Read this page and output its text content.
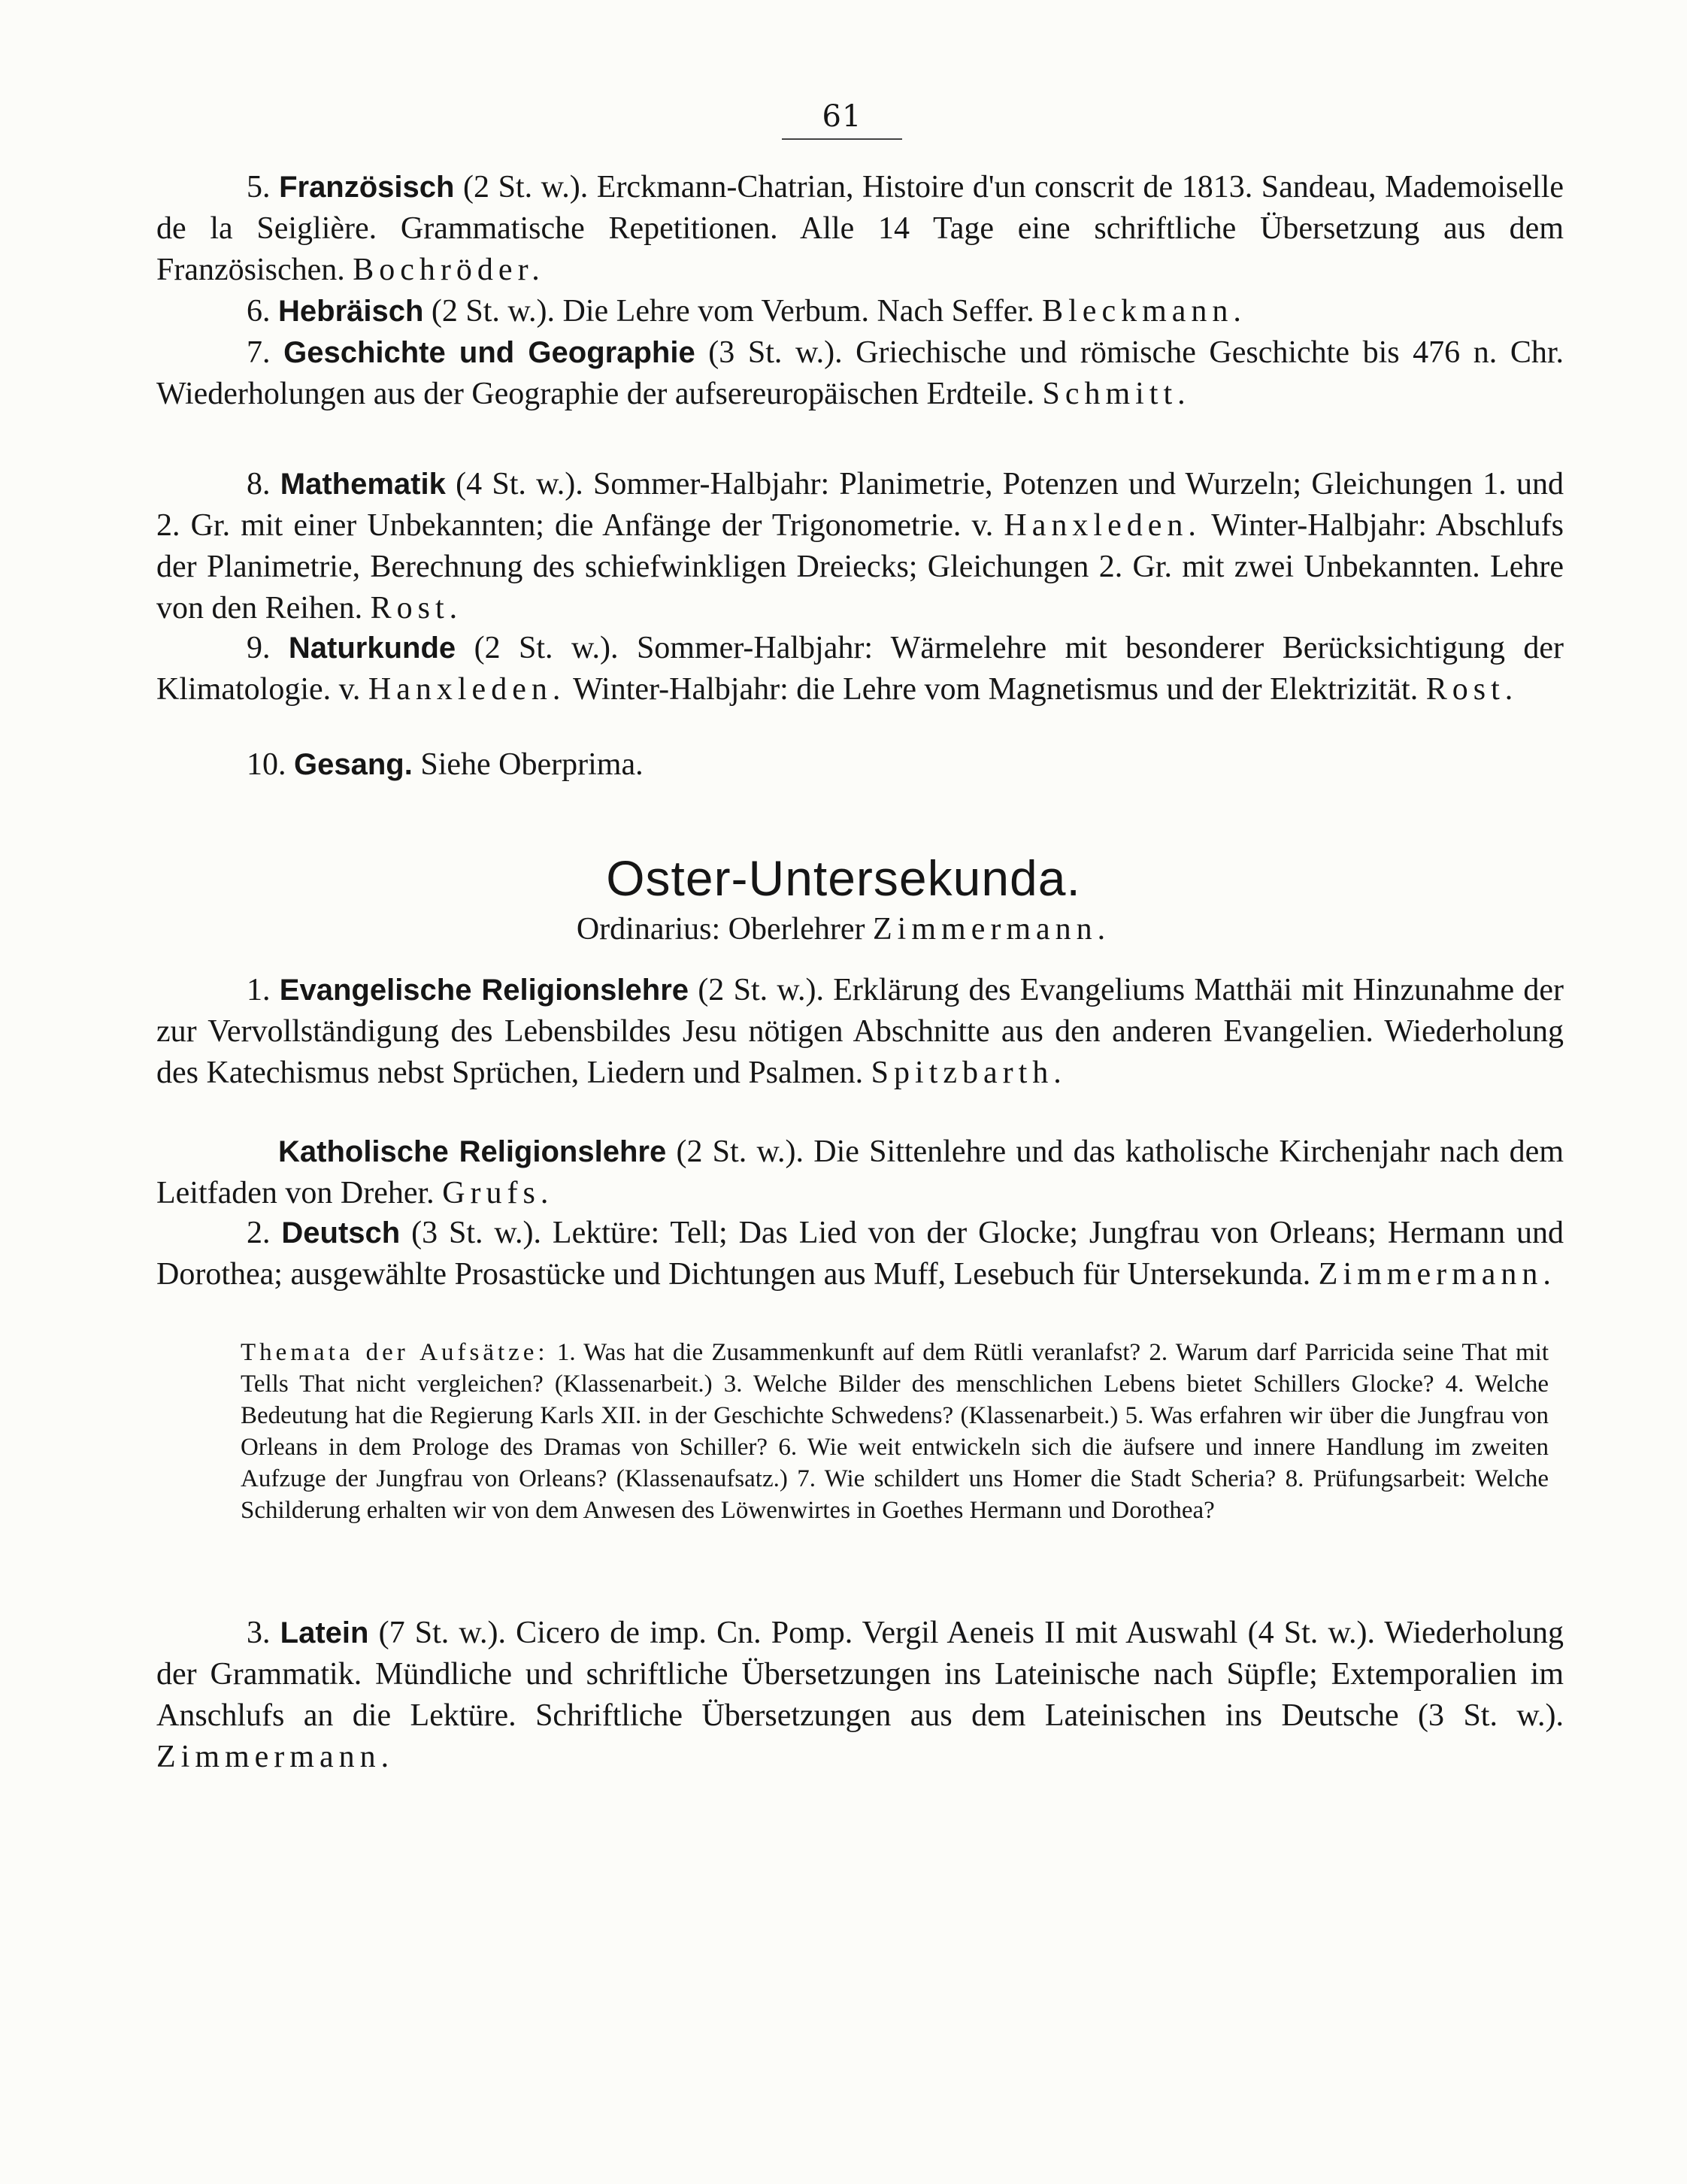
61

5. Französisch (2 St. w.). Erckmann-Chatrian, Histoire d'un conscrit de 1813. Sandeau, Mademoiselle de la Seiglière. Grammatische Repetitionen. Alle 14 Tage eine schriftliche Übersetzung aus dem Französischen. Bochröder.

6. Hebräisch (2 St. w.). Die Lehre vom Verbum. Nach Seffer. Bleckmann.

7. Geschichte und Geographie (3 St. w.). Griechische und römische Geschichte bis 476 n. Chr. Wiederholungen aus der Geographie der aufsereuropäischen Erdteile. Schmitt.

8. Mathematik (4 St. w.). Sommer-Halbjahr: Planimetrie, Potenzen und Wurzeln; Gleichungen 1. und 2. Gr. mit einer Unbekannten; die Anfänge der Trigonometrie. v. Hanxleden. Winter-Halbjahr: Abschlufs der Planimetrie, Berechnung des schiefwinkligen Dreiecks; Gleichungen 2. Gr. mit zwei Unbekannten. Lehre von den Reihen. Rost.

9. Naturkunde (2 St. w.). Sommer-Halbjahr: Wärmelehre mit besonderer Berücksichtigung der Klimatologie. v. Hanxleden. Winter-Halbjahr: die Lehre vom Magnetismus und der Elektrizität. Rost.

10. Gesang. Siehe Oberprima.

Oster-Untersekunda.
Ordinarius: Oberlehrer Zimmermann.

1. Evangelische Religionslehre (2 St. w.). Erklärung des Evangeliums Matthäi mit Hinzunahme der zur Vervollständigung des Lebensbildes Jesu nötigen Abschnitte aus den anderen Evangelien. Wiederholung des Katechismus nebst Sprüchen, Liedern und Psalmen. Spitzbarth.

Katholische Religionslehre (2 St. w.). Die Sittenlehre und das katholische Kirchenjahr nach dem Leitfaden von Dreher. Grufs.

2. Deutsch (3 St. w.). Lektüre: Tell; Das Lied von der Glocke; Jungfrau von Orleans; Hermann und Dorothea; ausgewählte Prosastücke und Dichtungen aus Muff, Lesebuch für Untersekunda. Zimmermann.

Themata der Aufsätze: 1. Was hat die Zusammenkunft auf dem Rütli veranlafst? 2. Warum darf Parricida seine That mit Tells That nicht vergleichen? (Klassenarbeit.) 3. Welche Bilder des menschlichen Lebens bietet Schillers Glocke? 4. Welche Bedeutung hat die Regierung Karls XII. in der Geschichte Schwedens? (Klassenarbeit.) 5. Was erfahren wir über die Jungfrau von Orleans in dem Prologe des Dramas von Schiller? 6. Wie weit entwickeln sich die äufsere und innere Handlung im zweiten Aufzuge der Jungfrau von Orleans? (Klassenaufsatz.) 7. Wie schildert uns Homer die Stadt Scheria? 8. Prüfungsarbeit: Welche Schilderung erhalten wir von dem Anwesen des Löwenwirtes in Goethes Hermann und Dorothea?

3. Latein (7 St. w.). Cicero de imp. Cn. Pomp. Vergil Aeneis II mit Auswahl (4 St. w.). Wiederholung der Grammatik. Mündliche und schriftliche Übersetzungen ins Lateinische nach Süpfle; Extemporalien im Anschlufs an die Lektüre. Schriftliche Übersetzungen aus dem Lateinischen ins Deutsche (3 St. w.). Zimmermann.
